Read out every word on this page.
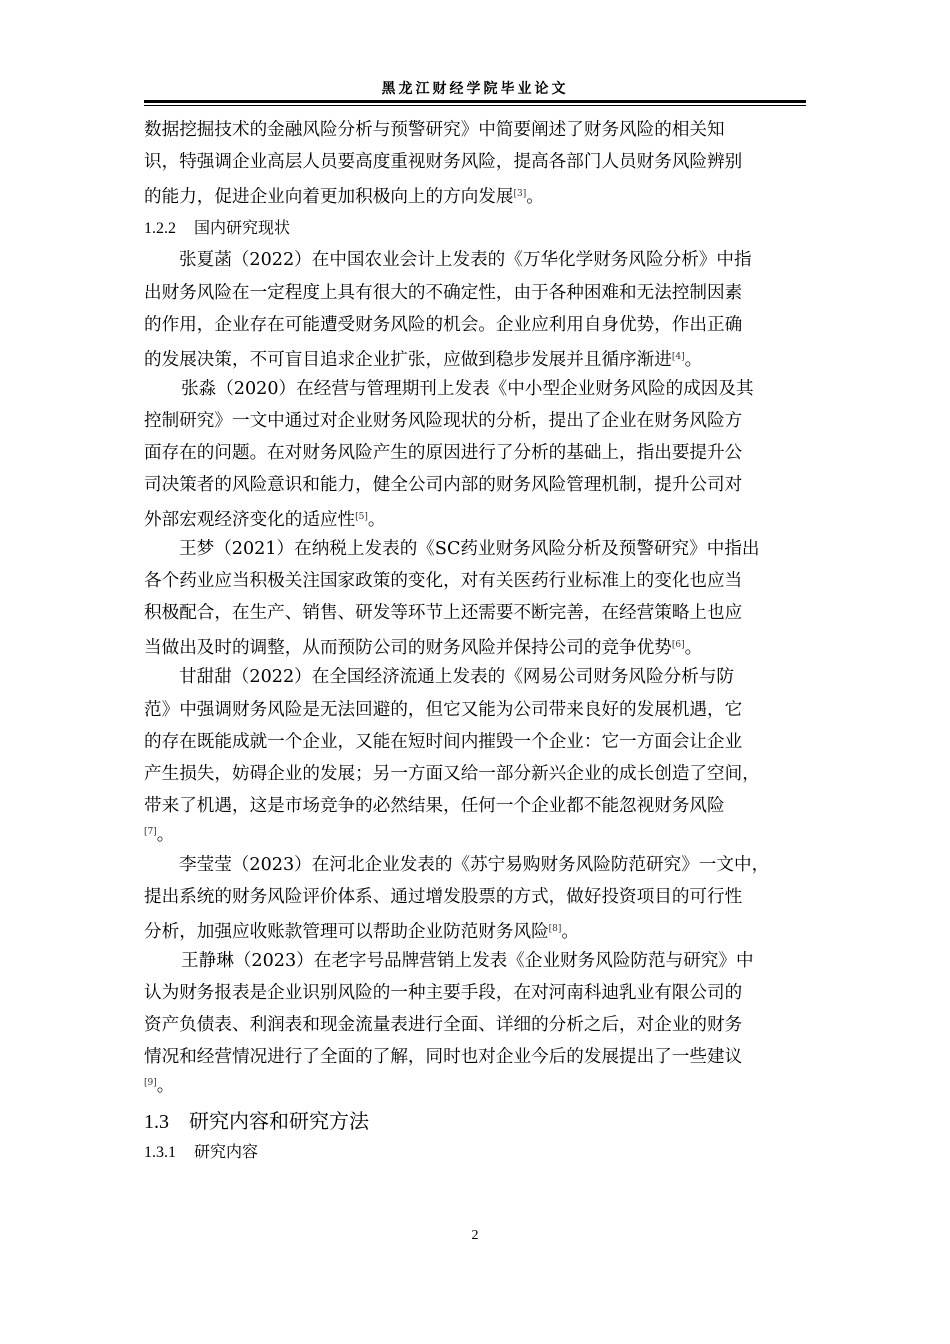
黑龙江财经学院毕业论文
数据挖掘技术的金融风险分析与预警研究》中简要阐述了财务风险的相关知
识，特强调企业高层人员要高度重视财务风险，提高各部门人员财务风险辨别
的能力，促进企业向着更加积极向上的方向发展[3]。
1.2.2 国内研究现状
张夏菡（2022）在中国农业会计上发表的《万华化学财务风险分析》中指
出财务风险在一定程度上具有很大的不确定性，由于各种困难和无法控制因素
的作用，企业存在可能遭受财务风险的机会。企业应利用自身优势，作出正确
的发展决策，不可盲目追求企业扩张，应做到稳步发展并且循序渐进[4]。
张淼（2020）在经营与管理期刊上发表《中小型企业财务风险的成因及其
控制研究》一文中通过对企业财务风险现状的分析，提出了企业在财务风险方
面存在的问题。在对财务风险产生的原因进行了分析的基础上，指出要提升公
司决策者的风险意识和能力，健全公司内部的财务风险管理机制，提升公司对
外部宏观经济变化的适应性[5]。
王梦（2021）在纳税上发表的《SC药业财务风险分析及预警研究》中指出
各个药业应当积极关注国家政策的变化，对有关医药行业标准上的变化也应当
积极配合，在生产、销售、研发等环节上还需要不断完善，在经营策略上也应
当做出及时的调整，从而预防公司的财务风险并保持公司的竞争优势[6]。
甘甜甜（2022）在全国经济流通上发表的《网易公司财务风险分析与防
范》中强调财务风险是无法回避的，但它又能为公司带来良好的发展机遇，它
的存在既能成就一个企业，又能在短时间内摧毁一个企业：它一方面会让企业
产生损失，妨碍企业的发展；另一方面又给一部分新兴企业的成长创造了空间，
带来了机遇，这是市场竞争的必然结果，任何一个企业都不能忽视财务风险
[7]。
李莹莹（2023）在河北企业发表的《苏宁易购财务风险防范研究》一文中，
提出系统的财务风险评价体系、通过增发股票的方式，做好投资项目的可行性
分析，加强应收账款管理可以帮助企业防范财务风险[8]。
王静琳（2023）在老字号品牌营销上发表《企业财务风险防范与研究》中
认为财务报表是企业识别风险的一种主要手段，在对河南科迪乳业有限公司的
资产负债表、利润表和现金流量表进行全面、详细的分析之后，对企业的财务
情况和经营情况进行了全面的了解，同时也对企业今后的发展提出了一些建议
[9]。
1.3 研究内容和研究方法
1.3.1 研究内容
2
